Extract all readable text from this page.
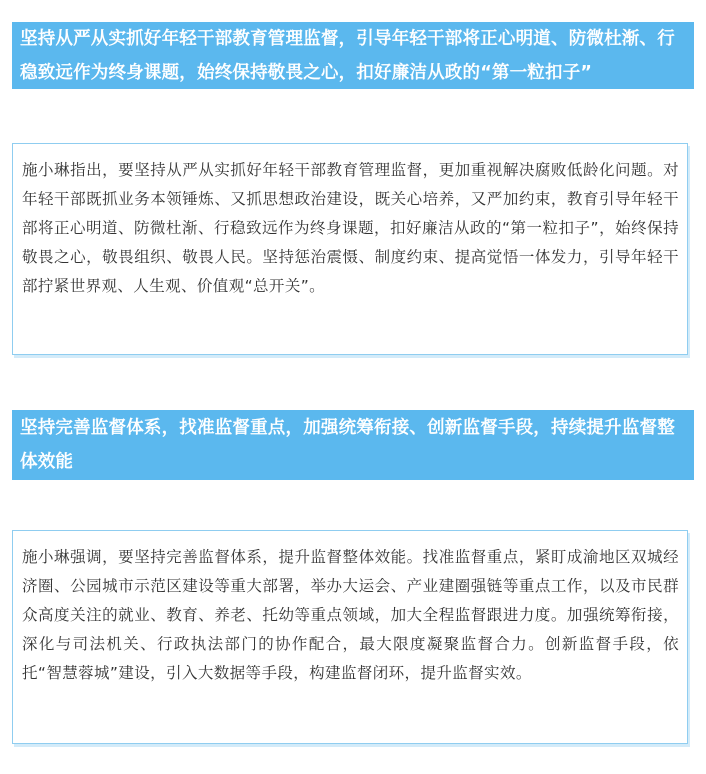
坚持从严从实抓好年轻干部教育管理监督，引导年轻干部将正心明道、防微杜渐、行稳致远作为终身课题，始终保持敬畏之心，扣好廉洁从政的“第一粒扣子”
施小琳指出，要坚持从严从实抓好年轻干部教育管理监督，更加重视解决腐败低龄化问题。对年轻干部既抓业务本领锤炼、又抓思想政治建设，既关心培养，又严加约束，教育引导年轻干部将正心明道、防微杜渐、行稳致远作为终身课题，扣好廉洁从政的“第一粒扣子”，始终保持敬畏之心，敬畏组织、敬畏人民。坚持惩治震慑、制度约束、提高觉悟一体发力，引导年轻干部拧紧世界观、人生观、价值观“总开关”。
坚持完善监督体系，找准监督重点，加强统筹衔接、创新监督手段，持续提升监督整体效能
施小琳强调，要坚持完善监督体系，提升监督整体效能。找准监督重点，紧盯成渝地区双城经济圈、公园城市示范区建设等重大部署，举办大运会、产业建圈强链等重点工作，以及市民群众高度关注的就业、教育、养老、托幼等重点领域，加大全程监督跟进力度。加强统筹衔接，深化与司法机关、行政执法部门的协作配合，最大限度凝聚监督合力。创新监督手段，依托“智慧蓉城”建设，引入大数据等手段，构建监督闭环，提升监督实效。
